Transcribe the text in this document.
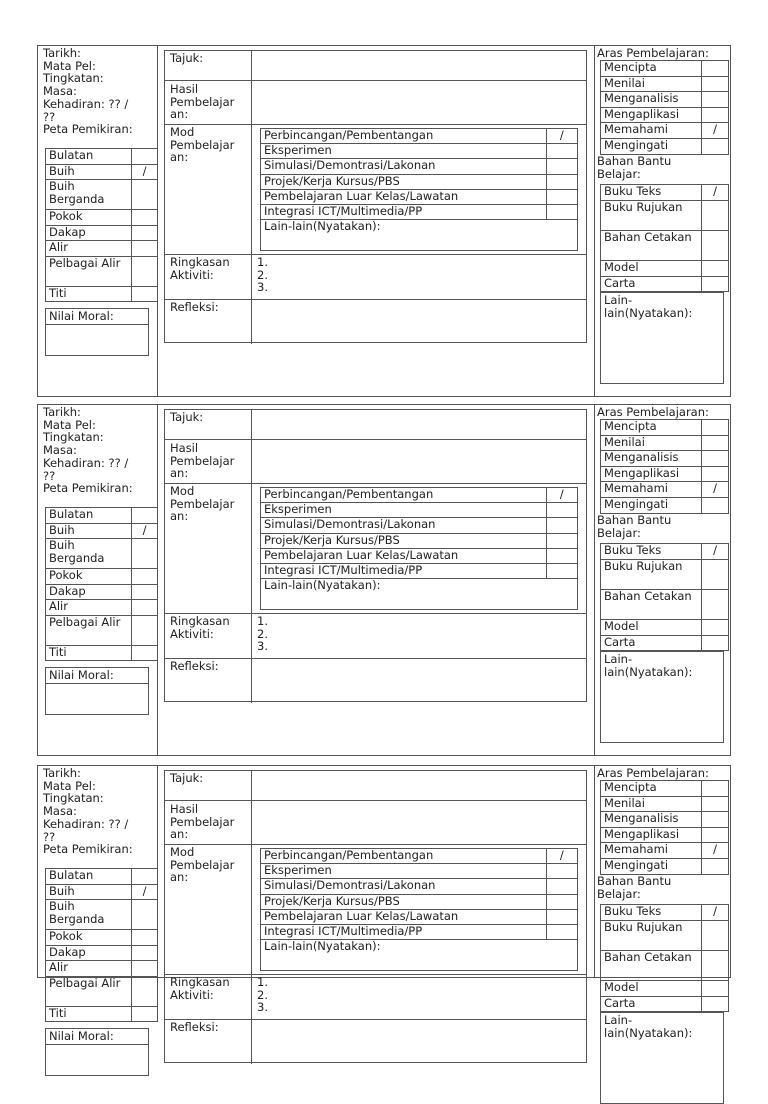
Tarikh:
Mata Pel:
Tingkatan:
Masa:
Kehadiran: ?? /
??
Peta Pemikiran:
Bulatan	
Buih	/
Buih Berganda	
Pokok	
Dakap	
Alir	
Pelbagai Alir	
Titi	
Nilai Moral:
Tajuk:
Hasil Pembelajar an:
Mod Pembelajar an:
Perbincangan/Pembentangan	/
Eksperimen	
Simulasi/Demontrasi/Lakonan	
Projek/Kerja Kursus/PBS	
Pembelajaran Luar Kelas/Lawatan	
Integrasi ICT/Multimedia/PP	
Lain-lain(Nyatakan):	
Ringkasan Aktiviti:
1.
2.
3.
Refleksi:
Aras Pembelajaran:
Mencipta	
Menilai	
Menganalisis	
Mengaplikasi	
Memahami	/
Mengingati	
Bahan Bantu Belajar:
Buku Teks	/
Buku Rujukan	
Bahan Cetakan	
Model	
Carta	
Lain-lain(Nyatakan):
Tarikh:
Mata Pel:
Tingkatan:
Masa:
Kehadiran: ?? /
??
Peta Pemikiran:
Bulatan	
Buih	/
Buih Berganda	
Pokok	
Dakap	
Alir	
Pelbagai Alir	
Titi	
Nilai Moral:
Tajuk:
Hasil Pembelajar an:
Mod Pembelajar an:
Perbincangan/Pembentangan	/
Eksperimen	
Simulasi/Demontrasi/Lakonan	
Projek/Kerja Kursus/PBS	
Pembelajaran Luar Kelas/Lawatan	
Integrasi ICT/Multimedia/PP	
Lain-lain(Nyatakan):	
Ringkasan Aktiviti:
1.
2.
3.
Refleksi:
Aras Pembelajaran:
Mencipta	
Menilai	
Menganalisis	
Mengaplikasi	
Memahami	/
Mengingati	
Bahan Bantu Belajar:
Buku Teks	/
Buku Rujukan	
Bahan Cetakan	
Model	
Carta	
Lain-lain(Nyatakan):
Tarikh:
Mata Pel:
Tingkatan:
Masa:
Kehadiran: ?? /
??
Peta Pemikiran:
Bulatan	
Buih	/
Buih Berganda	
Pokok	
Dakap	
Alir	
Pelbagai Alir	
Titi	
Nilai Moral:
Tajuk:
Hasil Pembelajar an:
Mod Pembelajar an:
Perbincangan/Pembentangan	/
Eksperimen	
Simulasi/Demontrasi/Lakonan	
Projek/Kerja Kursus/PBS	
Pembelajaran Luar Kelas/Lawatan	
Integrasi ICT/Multimedia/PP	
Lain-lain(Nyatakan):	
Ringkasan Aktiviti:
1.
2.
3.
Refleksi:
Aras Pembelajaran:
Mencipta	
Menilai	
Menganalisis	
Mengaplikasi	
Memahami	/
Mengingati	
Bahan Bantu Belajar:
Buku Teks	/
Buku Rujukan	
Bahan Cetakan	
Model	
Carta	
Lain-lain(Nyatakan):
